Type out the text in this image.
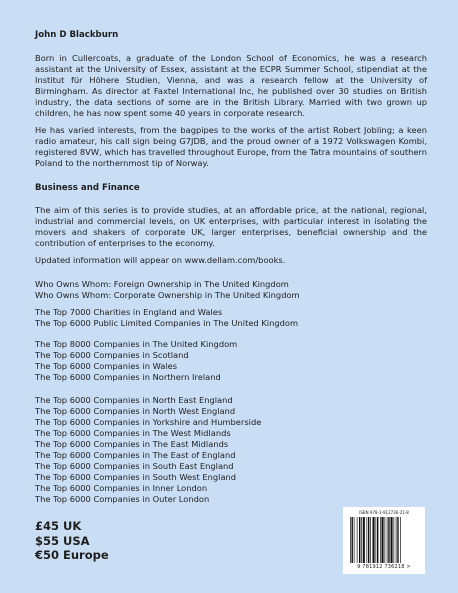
John D Blackburn

Born in Cullercoats, a graduate of the London School of Economics, he was a research assistant at the University of Essex, assistant at the ECPR Summer School, stipendiat at the Institut für Höhere Studien, Vienna, and was a research fellow at the University of Birmingham. As director at Faxtel International Inc, he published over 30 studies on British industry, the data sections of some are in the British Library. Married with two grown up children, he has now spent some 40 years in corporate research.

He has varied interests, from the bagpipes to the works of the artist Robert Jobling; a keen radio amateur, his call sign being G7JDB, and the proud owner of a 1972 Volkswagen Kombi, registered 8VW, which has travelled throughout Europe, from the Tatra mountains of southern Poland to the northernmost tip of Norway.

Business and Finance

The aim of this series is to provide studies, at an affordable price, at the national, regional, industrial and commercial levels, on UK enterprises, with particular interest in isolating the movers and shakers of corporate UK, larger enterprises, beneficial ownership and the contribution of enterprises to the economy.

Updated information will appear on www.dellam.com/books.

Who Owns Whom: Foreign Ownership in The United Kingdom
Who Owns Whom: Corporate Ownership in The United Kingdom
The Top 7000 Charities in England and Wales
The Top 6000 Public Limited Companies in The United Kingdom
The Top 8000 Companies in The United Kingdom
The Top 6000 Companies in Scotland
The Top 6000 Companies in Wales
The Top 6000 Companies in Northern Ireland
The Top 6000 Companies in North East England
The Top 6000 Companies in North West England
The Top 6000 Companies in Yorkshire and Humberside
The Top 6000 Companies in The West Midlands
The Top 6000 Companies in The East Midlands
The Top 6000 Companies in The East of England
The Top 6000 Companies in South East England
The Top 6000 Companies in South West England
The Top 6000 Companies in Inner London
The Top 6000 Companies in Outer London
£45 UK
$55 USA
€50 Europe
ISBN 978-1-912736-21-8
9 781912 736218 >
